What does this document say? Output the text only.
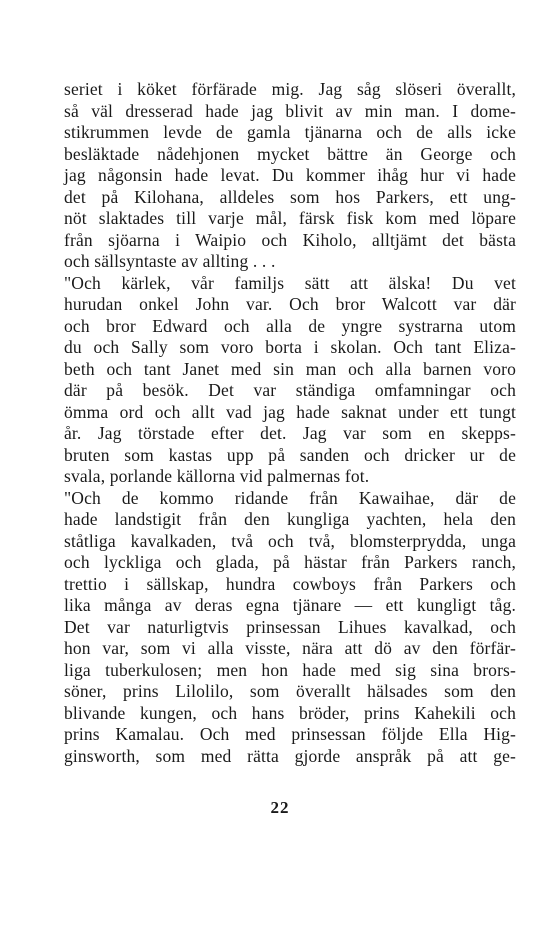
seriet i köket förfärade mig. Jag såg slöseri överallt,
så väl dresserad hade jag blivit av min man. I dome-
stikrummen levde de gamla tjänarna och de alls icke
besläktade nådehjonen mycket bättre än George och
jag någonsin hade levat. Du kommer ihåg hur vi hade
det på Kilohana, alldeles som hos Parkers, ett ung-
nöt slaktades till varje mål, färsk fisk kom med löpare
från sjöarna i Waipio och Kiholo, alltjämt det bästa
och sällsyntaste av allting . . .
"Och kärlek, vår familjs sätt att älska! Du vet
hurudan onkel John var. Och bror Walcott var där
och bror Edward och alla de yngre systrarna utom
du och Sally som voro borta i skolan. Och tant Eliza-
beth och tant Janet med sin man och alla barnen voro
där på besök. Det var ständiga omfamningar och
ömma ord och allt vad jag hade saknat under ett tungt
år. Jag törstade efter det. Jag var som en skepps-
bruten som kastas upp på sanden och dricker ur de
svala, porlande källorna vid palmernas fot.
"Och de kommo ridande från Kawaihae, där de
hade landstigit från den kungliga yachten, hela den
ståtliga kavalkaden, två och två, blomsterprydda, unga
och lyckliga och glada, på hästar från Parkers ranch,
trettio i sällskap, hundra cowboys från Parkers och
lika många av deras egna tjänare — ett kungligt tåg.
Det var naturligtvis prinsessan Lihues kavalkad, och
hon var, som vi alla visste, nära att dö av den förfär-
liga tuberkulosen; men hon hade med sig sina brors-
söner, prins Lilolilo, som överallt hälsades som den
blivande kungen, och hans bröder, prins Kahekili och
prins Kamalau. Och med prinsessan följde Ella Hig-
ginsworth, som med rätta gjorde anspråk på att ge-
22
